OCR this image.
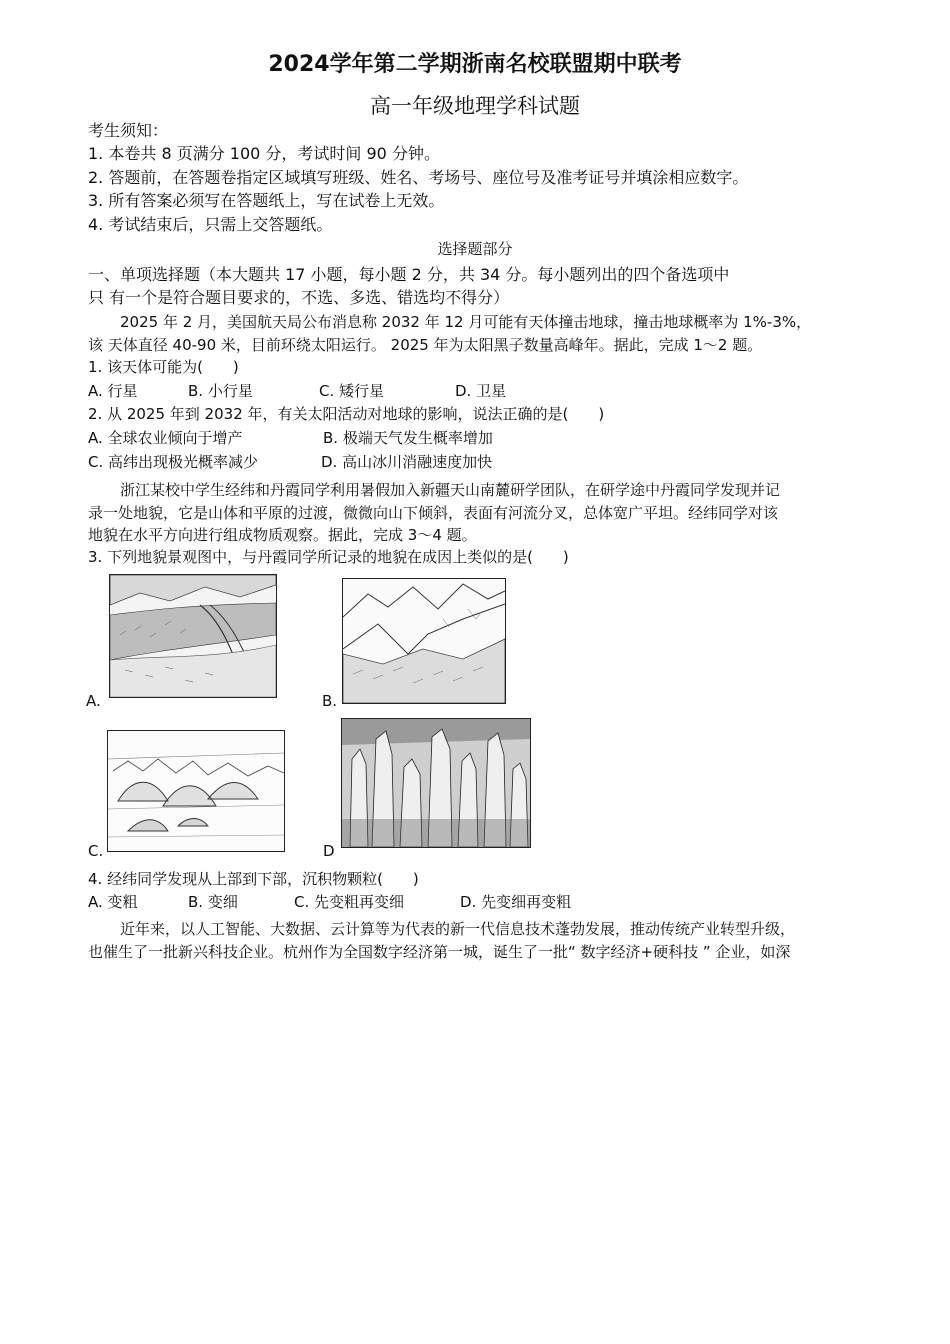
2024学年第二学期浙南名校联盟期中联考
高一年级地理学科试题
考生须知：
1. 本卷共 8 页满分 100 分，考试时间 90 分钟。
2. 答题前，在答题卷指定区域填写班级、姓名、考场号、座位号及准考证号并填涂相应数字。
3. 所有答案必须写在答题纸上，写在试卷上无效。
4. 考试结束后，只需上交答题纸。
选择题部分
一、单项选择题（本大题共 17 小题，每小题 2 分，共 34 分。每小题列出的四个备选项中
只 有一个是符合题目要求的，不选、多选、错选均不得分）
2025 年 2 月，美国航天局公布消息称 2032 年 12 月可能有天体撞击地球，撞击地球概率为 1%-3%，
该 天体直径 40-90 米，目前环绕太阳运行。 2025 年为太阳黑子数量高峰年。据此，完成 1～2 题。
1. 该天体可能为(　　)
A. 行星	B. 小行星	C. 矮行星	D. 卫星
2. 从 2025 年到 2032 年，有关太阳活动对地球的影响，说法正确的是(　　)
A. 全球农业倾向于增产	B. 极端天气发生概率增加
C. 高纬出现极光概率减少	D. 高山冰川消融速度加快
浙江某校中学生经纬和丹霞同学利用暑假加入新疆天山南麓研学团队，在研学途中丹霞同学发现并记
录一处地貌，它是山体和平原的过渡，微微向山下倾斜，表面有河流分叉，总体宽广平坦。经纬同学对该
地貌在水平方向进行组成物质观察。据此，完成 3～4 题。
3. 下列地貌景观图中，与丹霞同学所记录的地貌在成因上类似的是(　　)
A.	B.
C.	D
4. 经纬同学发现从上部到下部，沉积物颗粒(　　)
A. 变粗	B. 变细	C. 先变粗再变细	D. 先变细再变粗
近年来，以人工智能、大数据、云计算等为代表的新一代信息技术蓬勃发展，推动传统产业转型升级，
也催生了一批新兴科技企业。杭州作为全国数字经济第一城，诞生了一批“ 数字经济+硬科技 ” 企业，如深
